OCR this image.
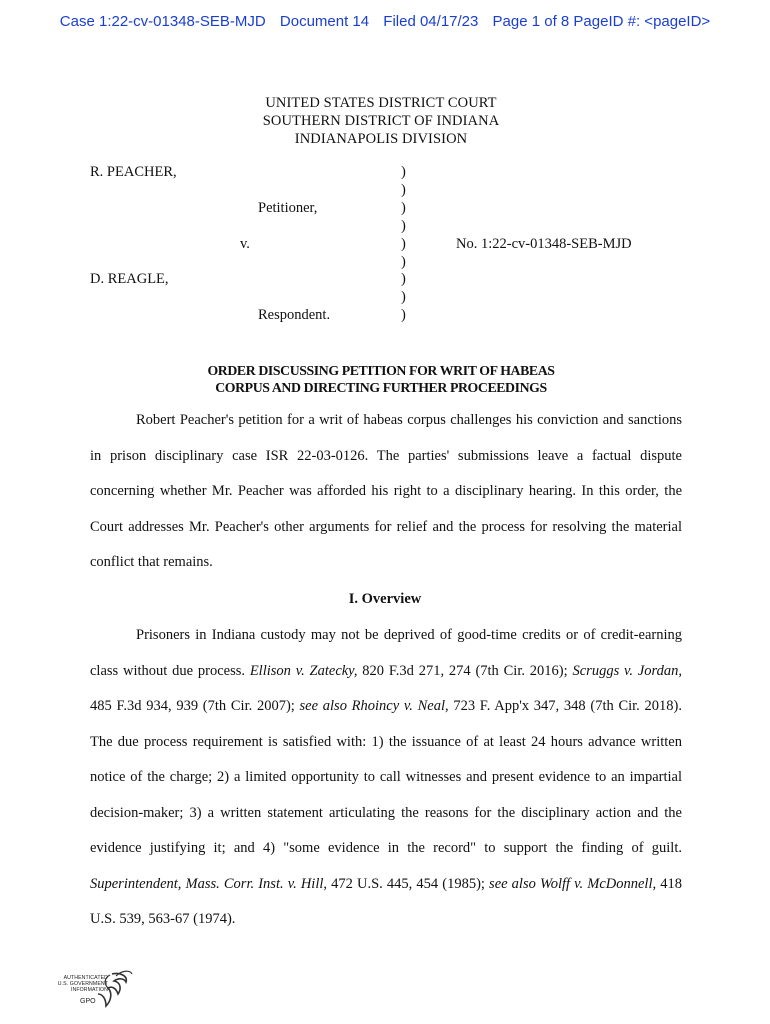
Case 1:22-cv-01348-SEB-MJD Document 14 Filed 04/17/23 Page 1 of 8 PageID #: <pageID>
UNITED STATES DISTRICT COURT
SOUTHERN DISTRICT OF INDIANA
INDIANAPOLIS DIVISION
R. PEACHER,
Petitioner,
v.
D. REAGLE,
Respondent.
No. 1:22-cv-01348-SEB-MJD
)
)
)
)
)
)
)
)
)
ORDER DISCUSSING PETITION FOR WRIT OF HABEAS
CORPUS AND DIRECTING FURTHER PROCEEDINGS

Robert Peacher's petition for a writ of habeas corpus challenges his conviction and sanctions in prison disciplinary case ISR 22-03-0126. The parties' submissions leave a factual dispute concerning whether Mr. Peacher was afforded his right to a disciplinary hearing. In this order, the Court addresses Mr. Peacher's other arguments for relief and the process for resolving the material conflict that remains.

I. Overview

Prisoners in Indiana custody may not be deprived of good-time credits or of credit-earning class without due process. Ellison v. Zatecky, 820 F.3d 271, 274 (7th Cir. 2016); Scruggs v. Jordan, 485 F.3d 934, 939 (7th Cir. 2007); see also Rhoincy v. Neal, 723 F. App'x 347, 348 (7th Cir. 2018). The due process requirement is satisfied with: 1) the issuance of at least 24 hours advance written notice of the charge; 2) a limited opportunity to call witnesses and present evidence to an impartial decision-maker; 3) a written statement articulating the reasons for the disciplinary action and the evidence justifying it; and 4) "some evidence in the record" to support the finding of guilt. Superintendent, Mass. Corr. Inst. v. Hill, 472 U.S. 445, 454 (1985); see also Wolff v. McDonnell, 418 U.S. 539, 563-67 (1974).

AUTHENTICATED
U.S. GOVERNMENT
INFORMATION
GPO
